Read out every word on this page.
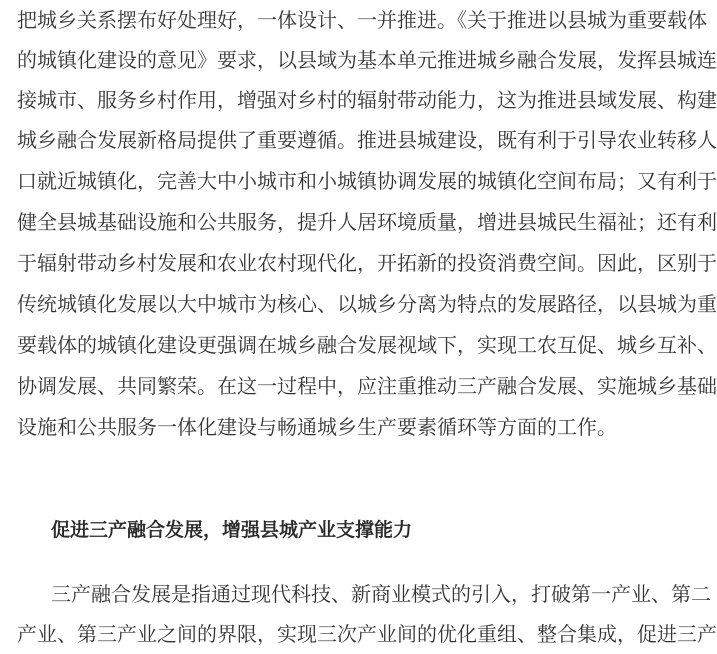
把城乡关系摆布好处理好，一体设计、一并推进。《关于推进以县城为重要载体
的城镇化建设的意见》要求，以县域为基本单元推进城乡融合发展，发挥县城连
接城市、服务乡村作用，增强对乡村的辐射带动能力，这为推进县域发展、构建
城乡融合发展新格局提供了重要遵循。推进县城建设，既有利于引导农业转移人
口就近城镇化，完善大中小城市和小城镇协调发展的城镇化空间布局；又有利于
健全县城基础设施和公共服务，提升人居环境质量，增进县城民生福祉；还有利
于辐射带动乡村发展和农业农村现代化，开拓新的投资消费空间。因此，区别于
传统城镇化发展以大中城市为核心、以城乡分离为特点的发展路径，以县城为重
要载体的城镇化建设更强调在城乡融合发展视域下，实现工农互促、城乡互补、
协调发展、共同繁荣。在这一过程中，应注重推动三产融合发展、实施城乡基础
设施和公共服务一体化建设与畅通城乡生产要素循环等方面的工作。
促进三产融合发展，增强县城产业支撑能力
三产融合发展是指通过现代科技、新商业模式的引入，打破第一产业、第二
产业、第三产业之间的界限，实现三次产业间的优化重组、整合集成，促进三产
